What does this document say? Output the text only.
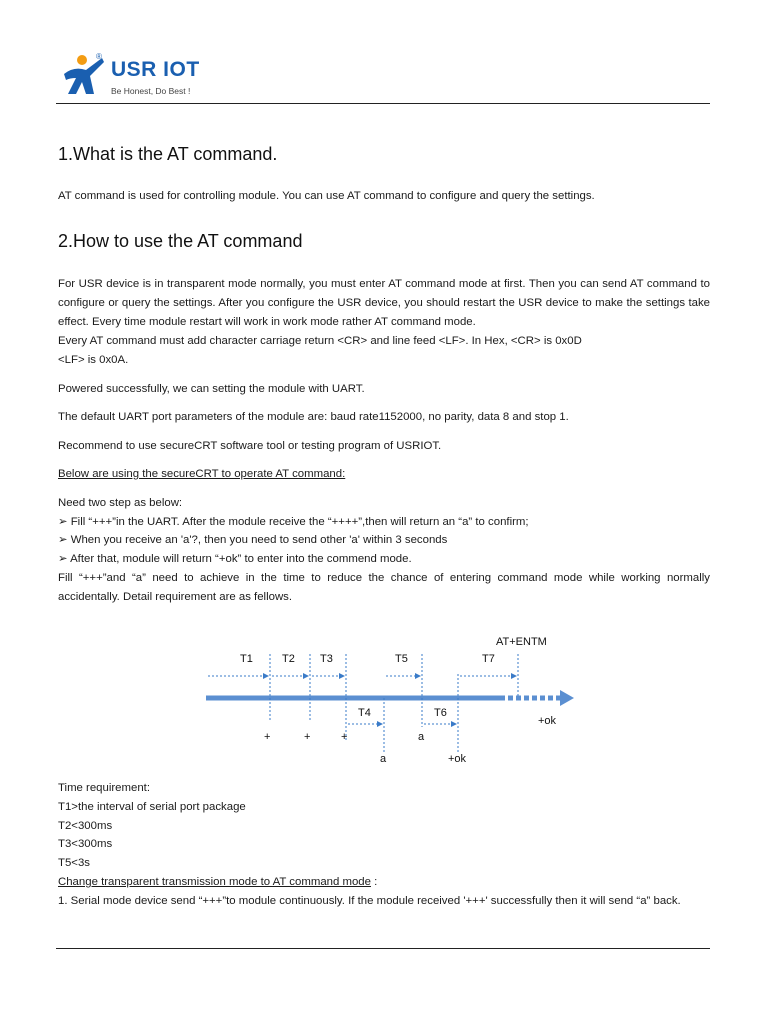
®
USR IOT
Be Honest, Do Best !
1.What is the AT command.

AT command is used for controlling module. You can use AT command to configure and query the settings.

2.How to use the AT command

For USR device is in transparent mode normally, you must enter AT command mode at first. Then you can send AT command to configure or query the settings. After you configure the USR device, you should restart the USR device to make the settings take effect. Every time module restart will work in work mode rather AT command mode.

Every AT command must add character carriage return <CR> and line feed <LF>. In Hex, <CR> is 0x0D

<LF> is 0x0A.

Powered successfully, we can setting the module with UART.

The default UART port parameters of the module are: baud rate1152000, no parity, data 8 and stop 1.

Recommend to use secureCRT software tool or testing program of USRIOT.

Below are using the secureCRT to operate AT command:

Need two step as below:

➢ Fill “+++”in the UART. After the module receive the “++++”,then will return an “a” to confirm;

➢ When you receive an 'a'?, then you need to send other 'a' within 3 seconds

➢ After that, module will return “+ok” to enter into the commend mode.

Fill “+++”and “a” need to achieve in the time to reduce the chance of entering command mode while working normally accidentally. Detail requirement are as fellows.

T1	T2 T3	T5	T7
AT+ENTM
T4	T6
+ok
+	+	+	a
a	+ok

Time requirement:

T1>the interval of serial port package

T2<300ms

T3<300ms

T5<3s

Change transparent transmission mode to AT command mode :

1. Serial mode device send “+++”to module continuously. If the module received '+++' successfully then it will send “a” back.
